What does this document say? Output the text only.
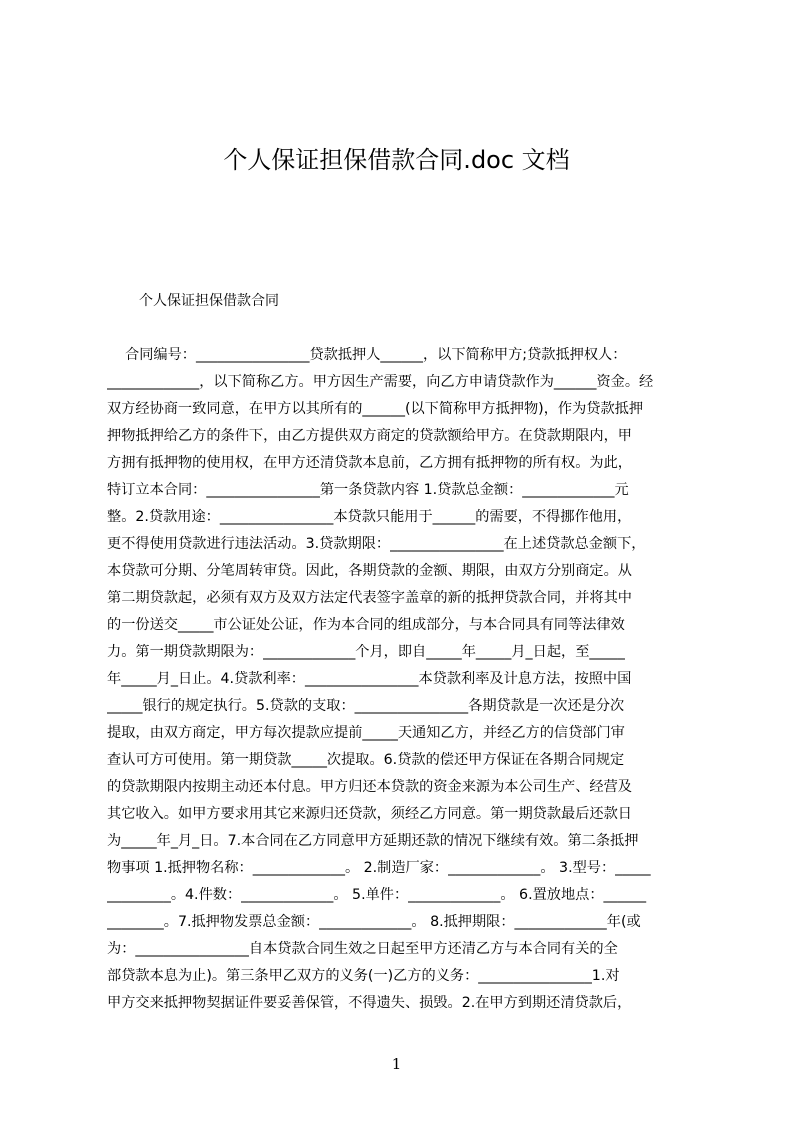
个人保证担保借款合同.doc 文档

个人保证担保借款合同

合同编号：________________贷款抵押人______，以下简称甲方;贷款抵押权人：
_____________，以下简称乙方。甲方因生产需要，向乙方申请贷款作为______资金。经
双方经协商一致同意，在甲方以其所有的______(以下简称甲方抵押物)，作为贷款抵押
押物抵押给乙方的条件下，由乙方提供双方商定的贷款额给甲方。在贷款期限内，甲
方拥有抵押物的使用权，在甲方还清贷款本息前，乙方拥有抵押物的所有权。为此，
特订立本合同：________________第一条贷款内容 1.贷款总金额：_____________元
整。2.贷款用途：________________本贷款只能用于______的需要，不得挪作他用，
更不得使用贷款进行违法活动。3.贷款期限：________________在上述贷款总金额下，
本贷款可分期、分笔周转审贷。因此，各期贷款的金额、期限，由双方分别商定。从
第二期贷款起，必须有双方及双方法定代表签字盖章的新的抵押贷款合同，并将其中
的一份送交_____市公证处公证，作为本合同的组成部分，与本合同具有同等法律效
力。第一期贷款期限为：_____________个月，即自_____年_____月_日起，至_____
年_____月_日止。4.贷款利率：________________本贷款利率及计息方法，按照中国
_____银行的规定执行。5.贷款的支取：________________各期贷款是一次还是分次
提取，由双方商定，甲方每次提款应提前_____天通知乙方，并经乙方的信贷部门审
查认可方可使用。第一期贷款_____次提取。6.贷款的偿还甲方保证在各期合同规定
的贷款期限内按期主动还本付息。甲方归还本贷款的资金来源为本公司生产、经营及
其它收入。如甲方要求用其它来源归还贷款，须经乙方同意。第一期贷款最后还款日
为_____年_月_日。7.本合同在乙方同意甲方延期还款的情况下继续有效。第二条抵押
物事项 1.抵押物名称：_____________。 2.制造厂家：_____________。 3.型号：_____
_________。4.件数：_____________。 5.单件：_____________。 6.置放地点：______
________。7.抵押物发票总金额：_____________。 8.抵押期限：_____________年(或
为：________________自本贷款合同生效之日起至甲方还清乙方与本合同有关的全
部贷款本息为止)。第三条甲乙双方的义务(一)乙方的义务：________________1.对
甲方交来抵押物契据证件要妥善保管，不得遗失、损毁。2.在甲方到期还清贷款后，
1
